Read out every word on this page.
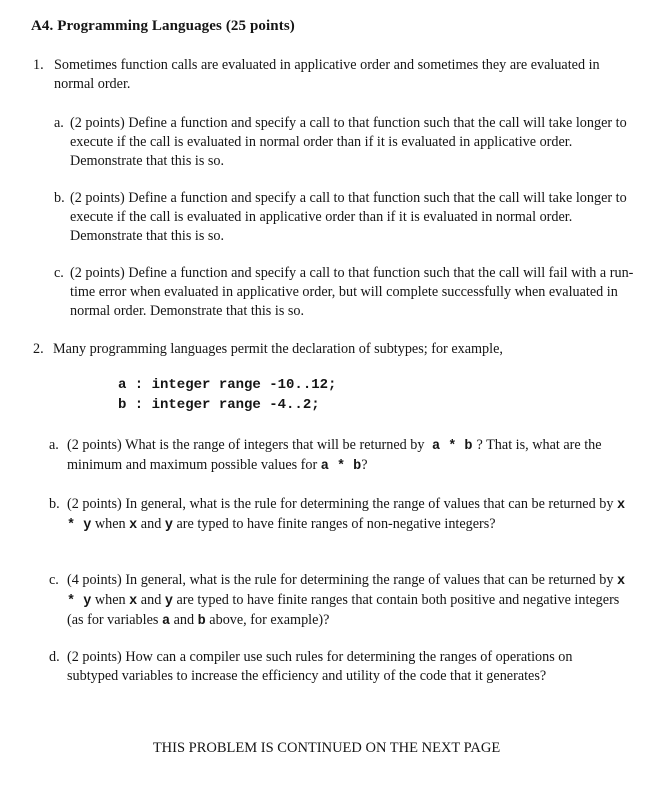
A4. Programming Languages (25 points)
1. Sometimes function calls are evaluated in applicative order and sometimes they are evaluated in normal order.
a. (2 points) Define a function and specify a call to that function such that the call will take longer to execute if the call is evaluated in normal order than if it is evaluated in applicative order. Demonstrate that this is so.
b. (2 points) Define a function and specify a call to that function such that the call will take longer to execute if the call is evaluated in applicative order than if it is evaluated in normal order. Demonstrate that this is so.
c. (2 points) Define a function and specify a call to that function such that the call will fail with a run-time error when evaluated in applicative order, but will complete successfully when evaluated in normal order. Demonstrate that this is so.
2. Many programming languages permit the declaration of subtypes; for example,
a : integer range -10..12;
b : integer range -4..2;
a. (2 points) What is the range of integers that will be returned by a * b ? That is, what are the minimum and maximum possible values for a * b?
b. (2 points) In general, what is the rule for determining the range of values that can be returned by x * y when x and y are typed to have finite ranges of non-negative integers?
c. (4 points) In general, what is the rule for determining the range of values that can be returned by x * y when x and y are typed to have finite ranges that contain both positive and negative integers (as for variables a and b above, for example)?
d. (2 points) How can a compiler use such rules for determining the ranges of operations on subtyped variables to increase the efficiency and utility of the code that it generates?
THIS PROBLEM IS CONTINUED ON THE NEXT PAGE
